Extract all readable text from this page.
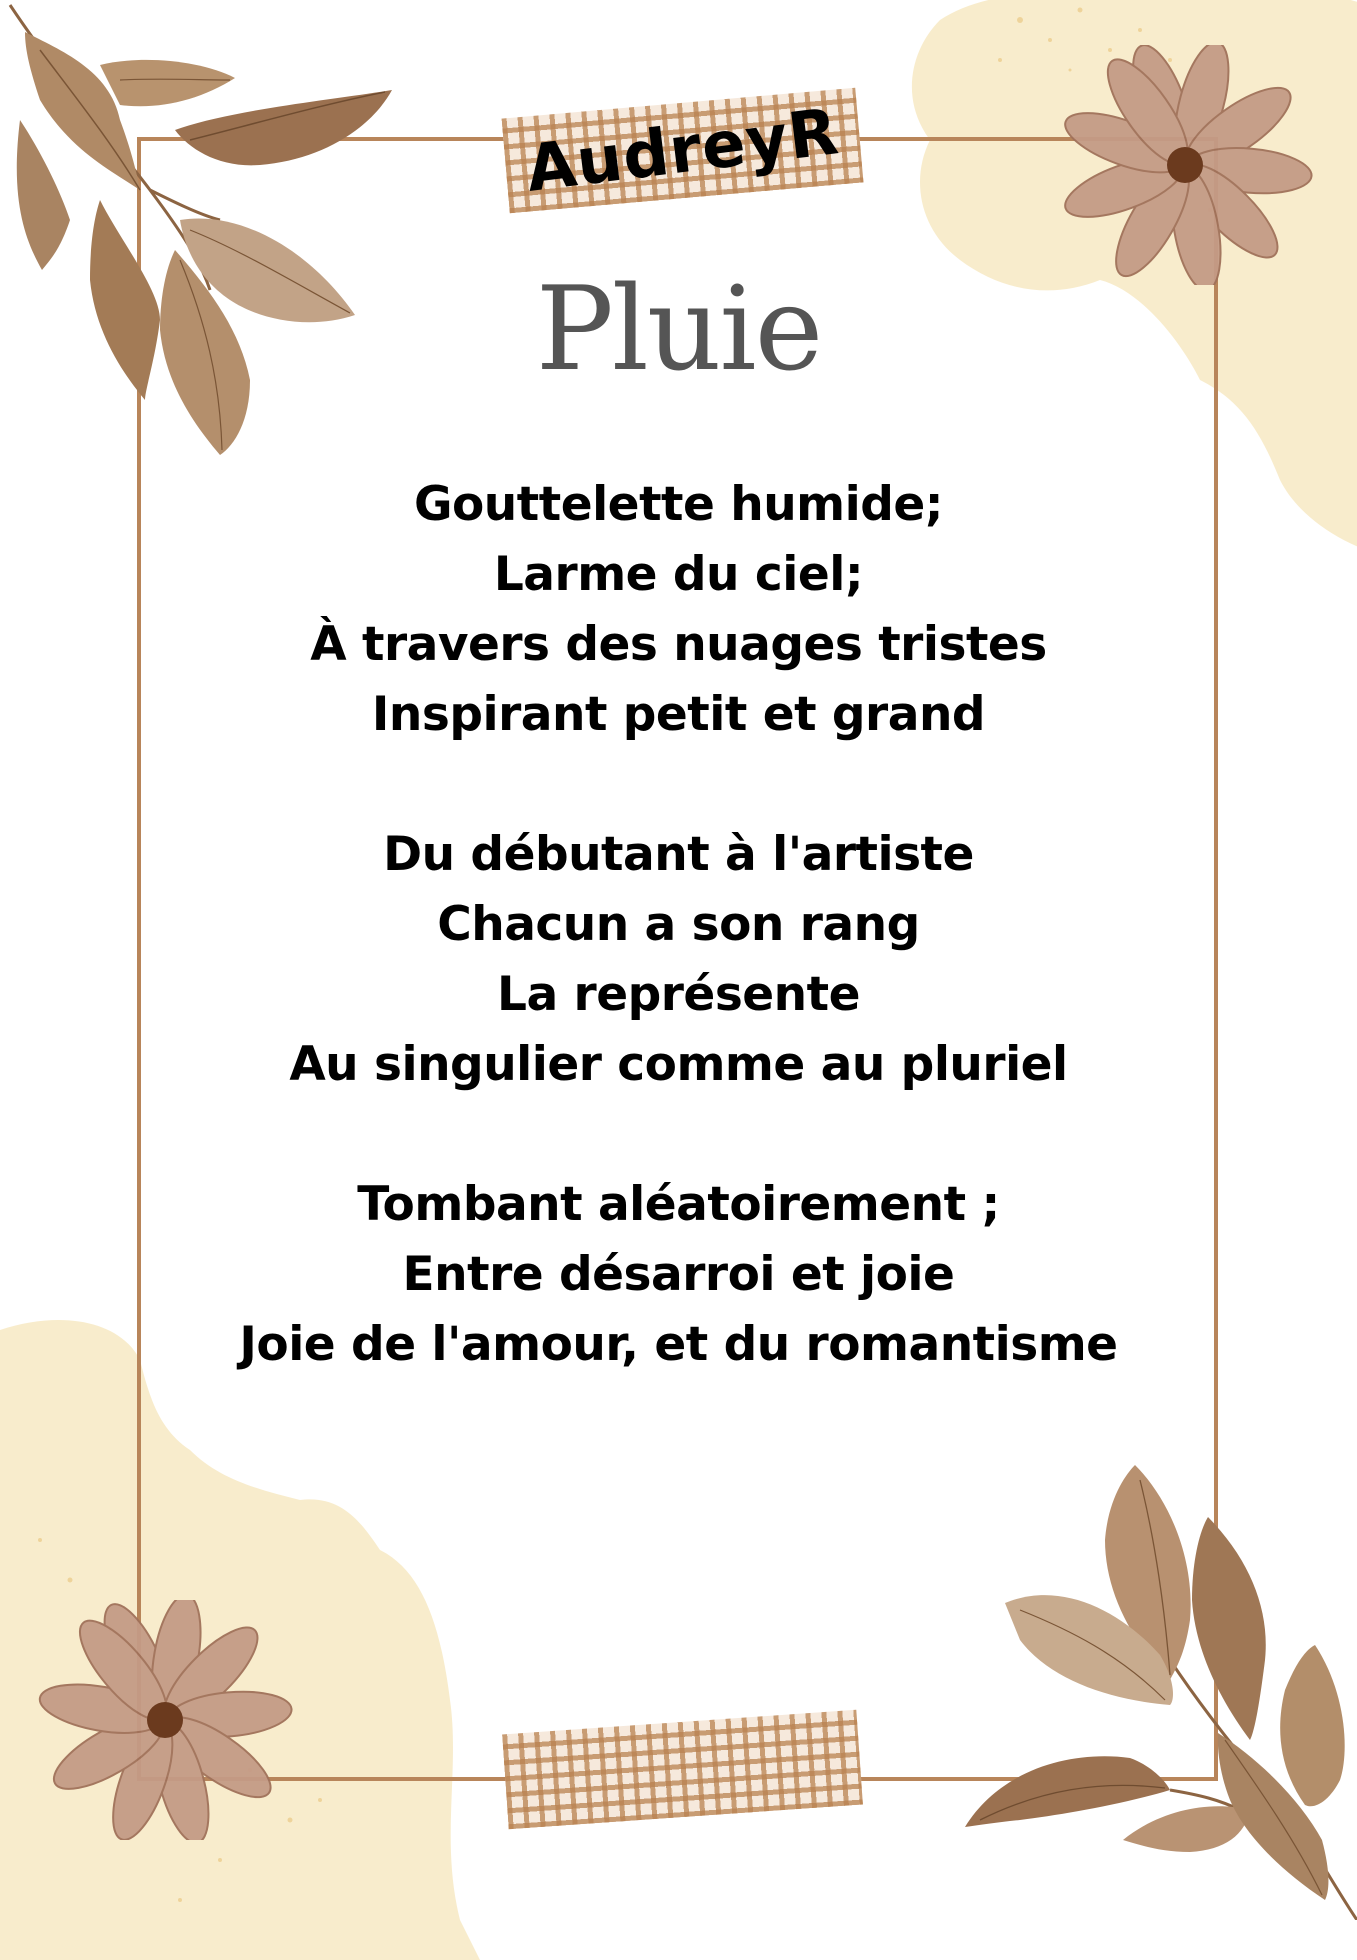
AudreyR
Pluie
Gouttelette humide;
Larme du ciel;
À travers des nuages tristes
Inspirant petit et grand
Du débutant à l'artiste
Chacun a son rang
La représente
Au singulier comme au pluriel
Tombant aléatoirement ;
Entre désarroi et joie
Joie de l'amour, et du romantisme
